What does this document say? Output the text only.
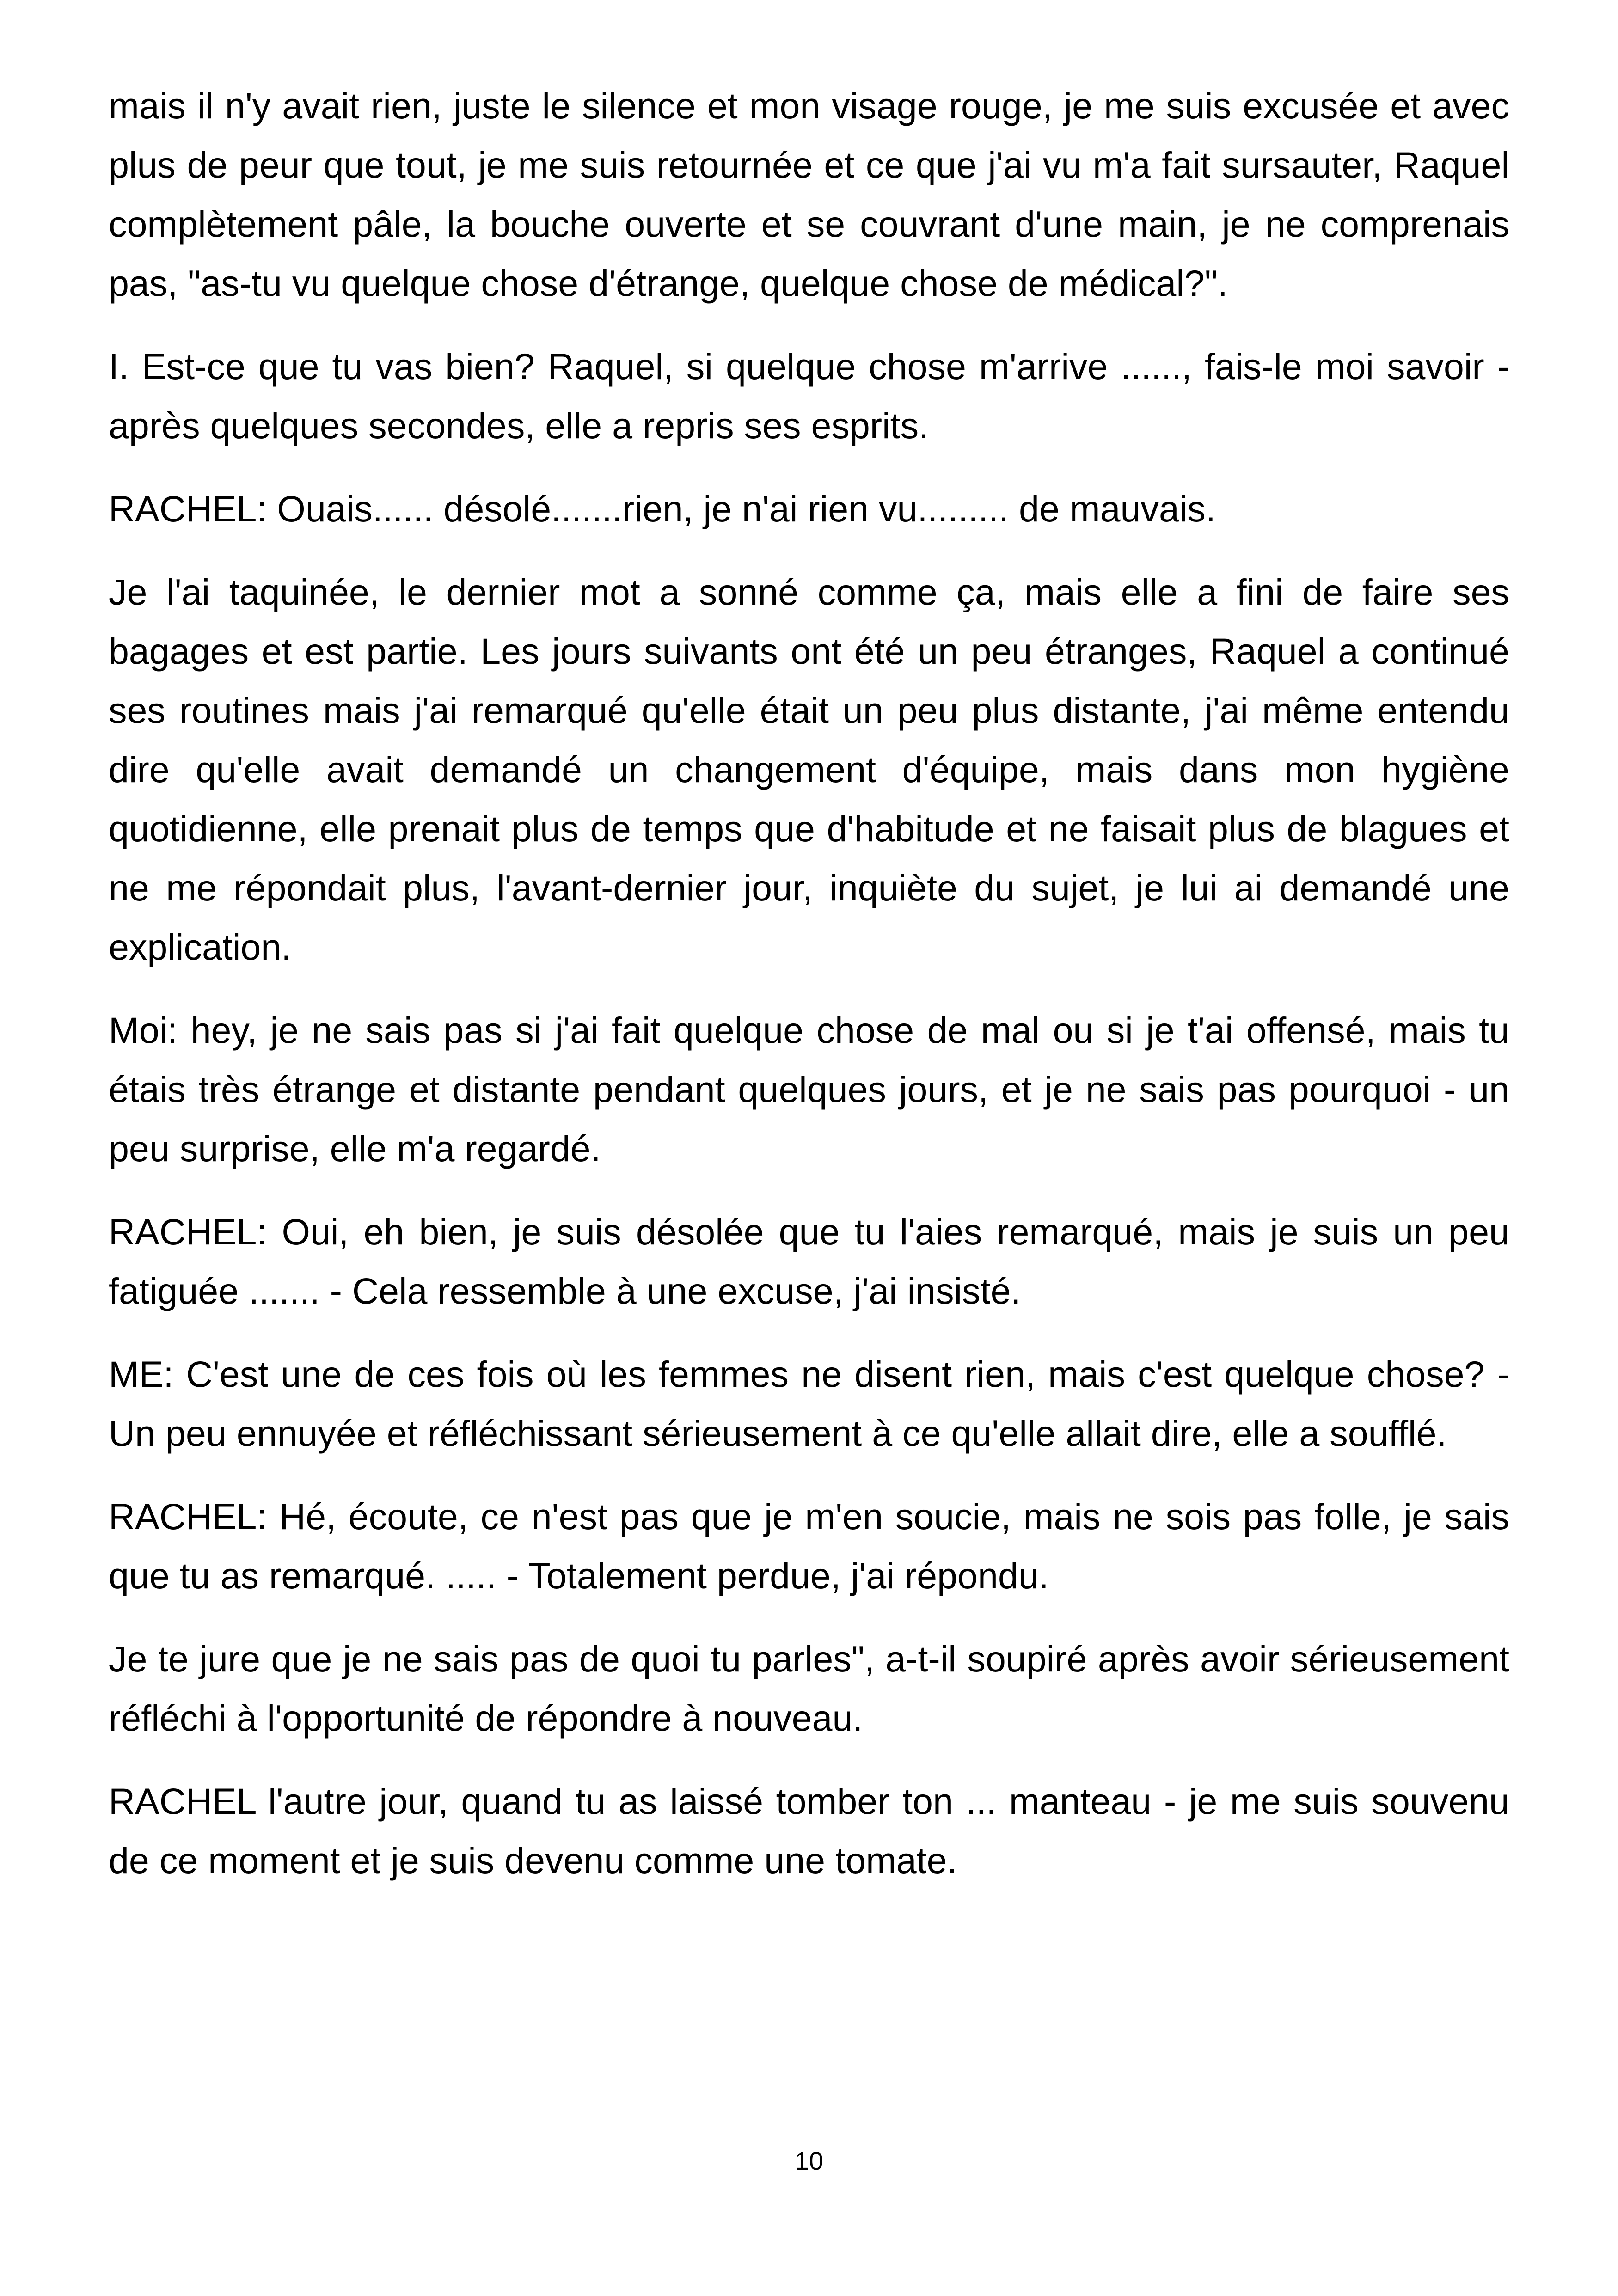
mais il n'y avait rien, juste le silence et mon visage rouge, je me suis excusée et avec plus de peur que tout, je me suis retournée et ce que j'ai vu m'a fait sursauter, Raquel complètement pâle, la bouche ouverte et se couvrant d'une main, je ne comprenais pas, "as-tu vu quelque chose d'étrange, quelque chose de médical?".

I. Est-ce que tu vas bien? Raquel, si quelque chose m'arrive ......, fais-le moi savoir - après quelques secondes, elle a repris ses esprits.

RACHEL: Ouais...... désolé.......rien, je n'ai rien vu......... de mauvais.

Je l'ai taquinée, le dernier mot a sonné comme ça, mais elle a fini de faire ses bagages et est partie. Les jours suivants ont été un peu étranges, Raquel a continué ses routines mais j'ai remarqué qu'elle était un peu plus distante, j'ai même entendu dire qu'elle avait demandé un changement d'équipe, mais dans mon hygiène quotidienne, elle prenait plus de temps que d'habitude et ne faisait plus de blagues et ne me répondait plus, l'avant-dernier jour, inquiète du sujet, je lui ai demandé une explication.

Moi: hey, je ne sais pas si j'ai fait quelque chose de mal ou si je t'ai offensé, mais tu étais très étrange et distante pendant quelques jours, et je ne sais pas pourquoi - un peu surprise, elle m'a regardé.

RACHEL: Oui, eh bien, je suis désolée que tu l'aies remarqué, mais je suis un peu fatiguée ....... - Cela ressemble à une excuse, j'ai insisté.

ME: C'est une de ces fois où les femmes ne disent rien, mais c'est quelque chose? - Un peu ennuyée et réfléchissant sérieusement à ce qu'elle allait dire, elle a soufflé.

RACHEL: Hé, écoute, ce n'est pas que je m'en soucie, mais ne sois pas folle, je sais que tu as remarqué. ..... - Totalement perdue, j'ai répondu.

Je te jure que je ne sais pas de quoi tu parles", a-t-il soupiré après avoir sérieusement réfléchi à l'opportunité de répondre à nouveau.

RACHEL l'autre jour, quand tu as laissé tomber ton ... manteau - je me suis souvenu de ce moment et je suis devenu comme une tomate.

10
